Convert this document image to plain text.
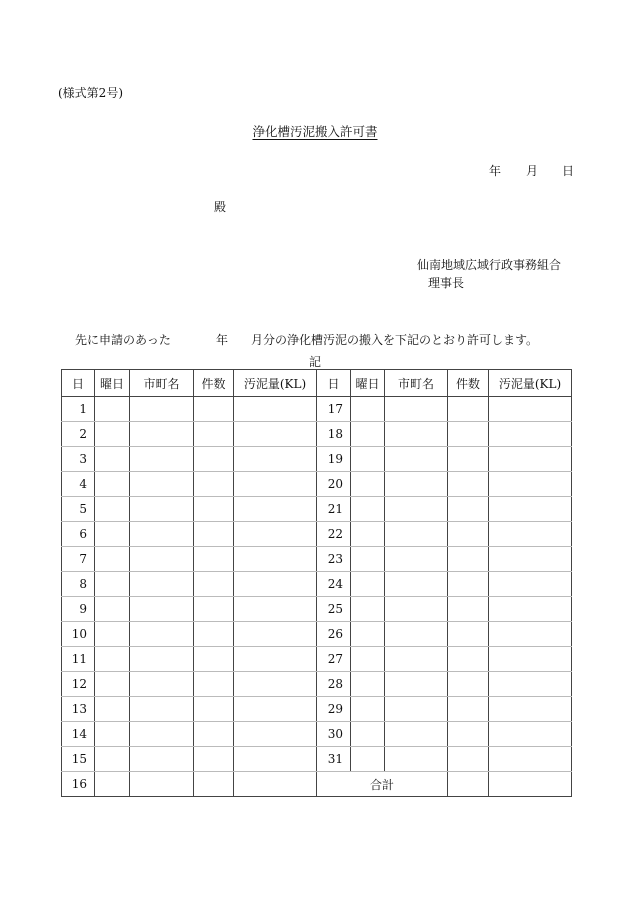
(様式第2号)
浄化槽汚泥搬入許可書
年 月 日
殿
仙南地域広域行政事務組合
理事長
先に申請のあった	年 月分の浄化槽汚泥の搬入を下記のとおり許可します。
記
日	曜日	市町名	件数	汚泥量(KL)	日	曜日	市町名	件数	汚泥量(KL)
1					17				
2					18				
3					19				
4					20				
5					21				
6					22				
7					23				
8					24				
9					25				
10					26				
11					27				
12					28				
13					29				
14					30				
15					31				
16					合計				
